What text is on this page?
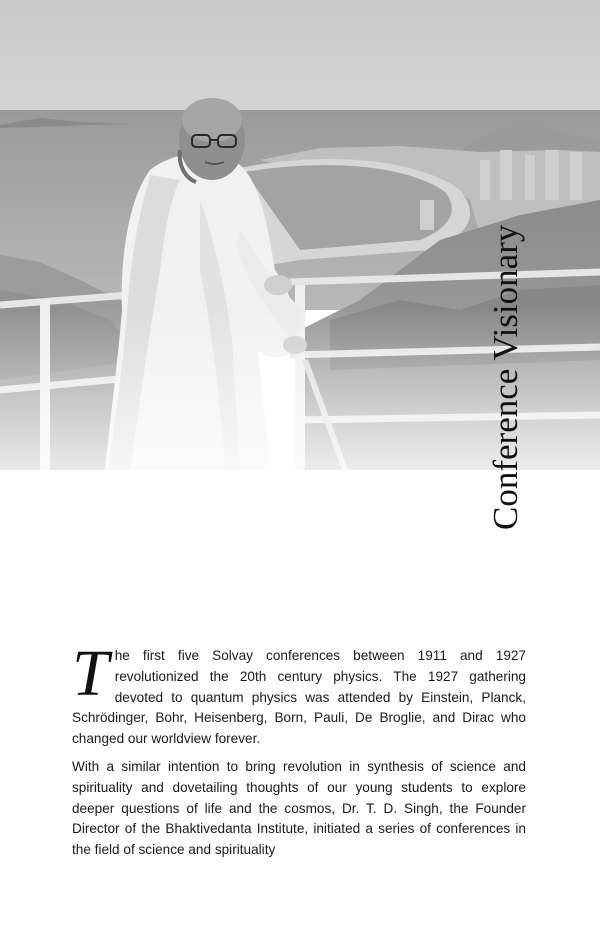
Conference Visionary

The first five Solvay conferences between 1911 and 1927 revolutionized the 20th century physics. The 1927 gathering devoted to quantum physics was attended by Einstein, Planck, Schrödinger, Bohr, Heisenberg, Born, Pauli, De Broglie, and Dirac who changed our worldview forever.

With a similar intention to bring revolution in synthesis of science and spirituality and dovetailing thoughts of our young students to explore deeper questions of life and the cosmos, Dr. T. D. Singh, the Founder Director of the Bhaktivedanta Institute, initiated a series of conferences in the field of science and spirituality
